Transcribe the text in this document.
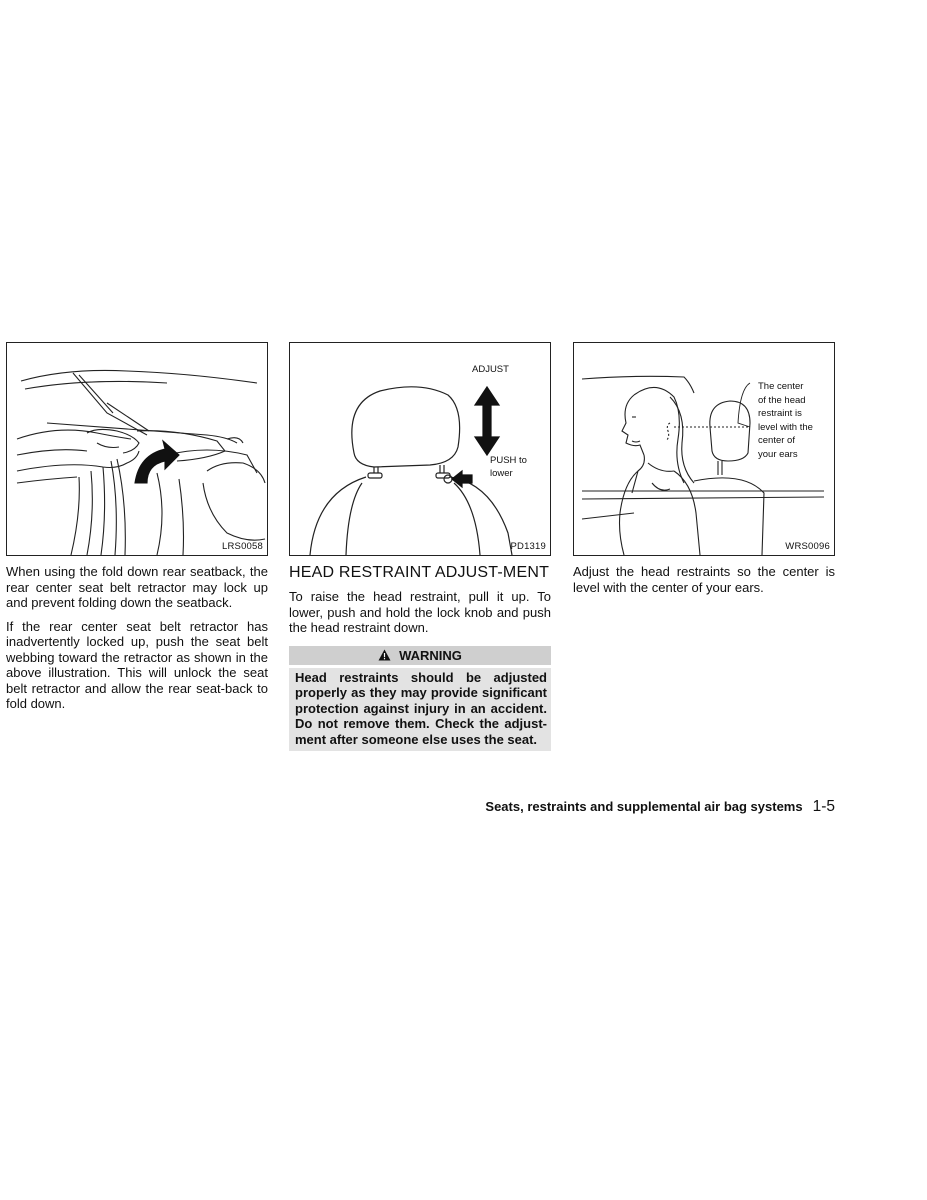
LRS0058

When using the fold down rear seatback, the rear center seat belt retractor may lock up and prevent folding down the seatback.

If the rear center seat belt retractor has inadvertently locked up, push the seat belt webbing toward the retractor as shown in the above illustration. This will unlock the seat belt retractor and allow the rear seat-back to fold down.

ADJUST
PUSH to
lower
PD1319
HEAD RESTRAINT ADJUST-MENT

To raise the head restraint, pull it up. To lower, push and hold the lock knob and push the head restraint down.

WARNING
Head restraints should be adjusted properly as they may provide significant protection against injury in an accident. Do not remove them. Check the adjust-ment after someone else uses the seat.
The center
of the head
restraint is
level with the
center of
your ears
WRS0096

Adjust the head restraints so the center is level with the center of your ears.

Seats, restraints and supplemental air bag systems 1-5
